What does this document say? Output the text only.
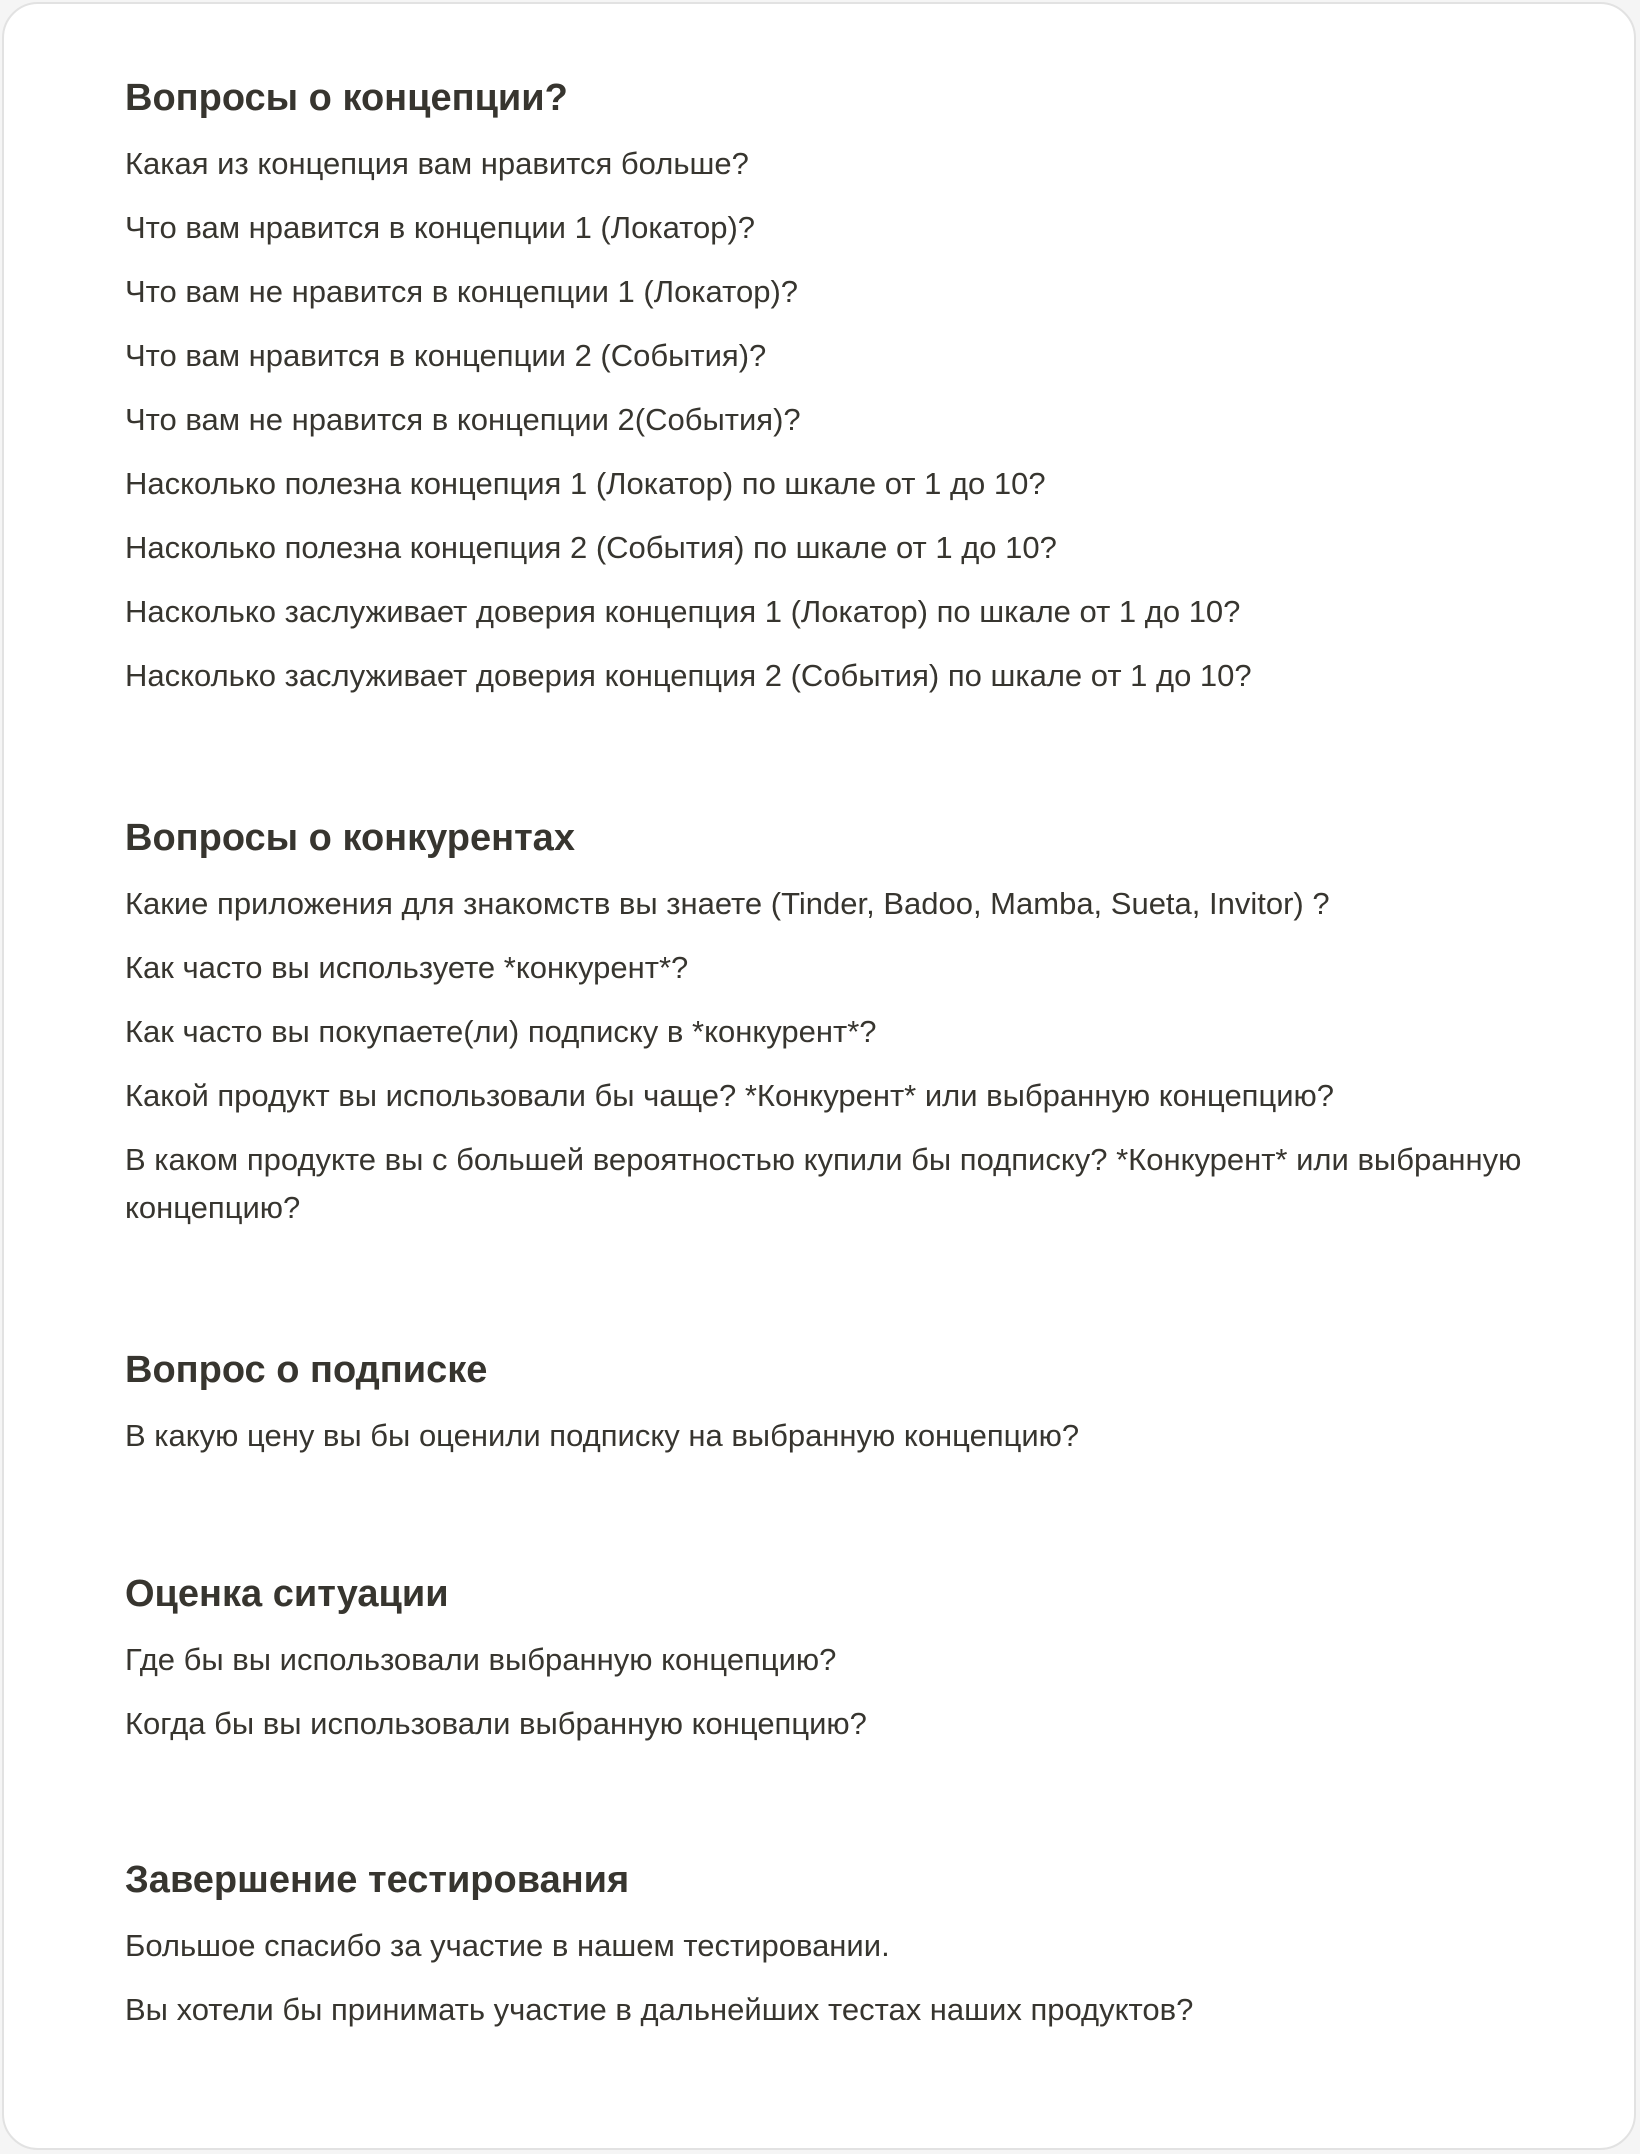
Вопросы о концепции?

Какая из концепция вам нравится больше?

Что вам нравится в концепции 1 (Локатор)?

Что вам не нравится в концепции 1 (Локатор)?

Что вам нравится в концепции 2 (События)?

Что вам не нравится в концепции 2(События)?

Насколько полезна концепция 1 (Локатор) по шкале от 1 до 10?

Насколько полезна концепция 2 (События) по шкале от 1 до 10?

Насколько заслуживает доверия концепция 1 (Локатор) по шкале от 1 до 10?

Насколько заслуживает доверия концепция 2 (События) по шкале от 1 до 10?

Вопросы о конкурентах

Какие приложения для знакомств вы знаете (Tinder, Badoo, Mamba, Sueta, Invitor) ?

Как часто вы используете *конкурент*?

Как часто вы покупаете(ли) подписку в *конкурент*?

Какой продукт вы использовали бы чаще? *Конкурент* или выбранную концепцию?

В каком продукте вы с большей вероятностью купили бы подписку? *Конкурент* или выбранную концепцию?

Вопрос о подписке

В какую цену вы бы оценили подписку на выбранную концепцию?

Оценка ситуации

Где бы вы использовали выбранную концепцию?

Когда бы вы использовали выбранную концепцию?

Завершение тестирования

Большое спасибо за участие в нашем тестировании.

Вы хотели бы принимать участие в дальнейших тестах наших продуктов?
